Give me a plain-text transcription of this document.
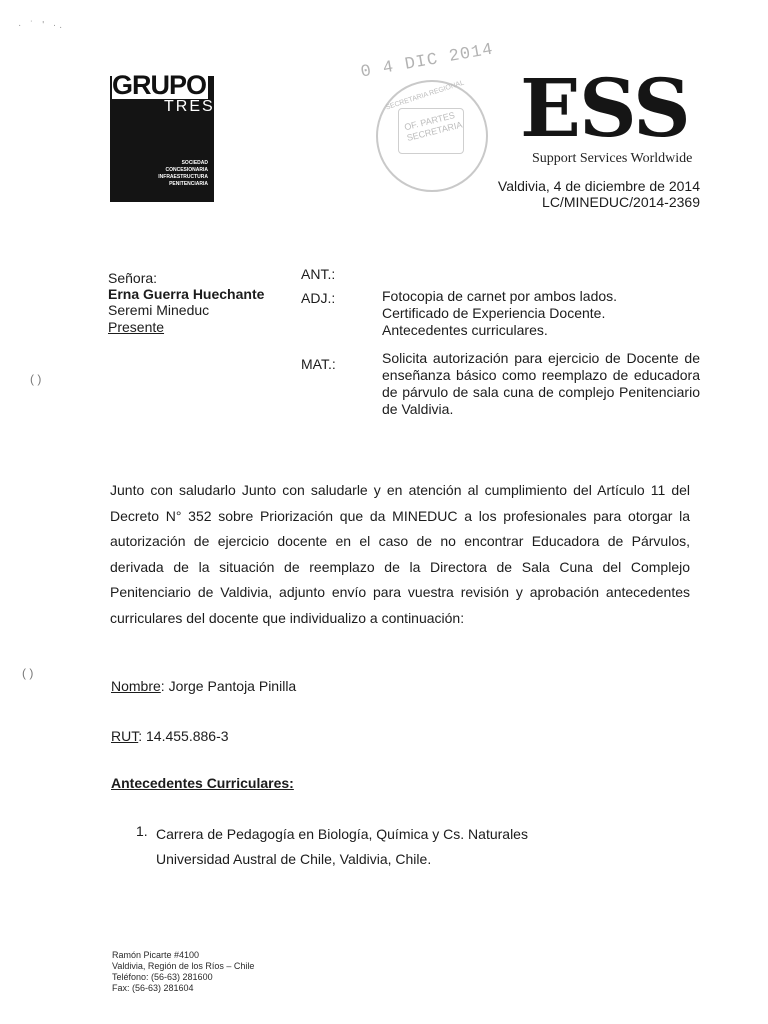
· ˙ ' ·.
( )
( )
GRUPO
TRES
SOCIEDAD
CONCESIONARIA
INFRAESTRUCTURA
PENITENCIARIA
0 4 DIC 2014
SECRETARIA REGIONAL
OF. PARTES SECRETARIA ESS
Support Services Worldwide
Valdivia, 4 de diciembre de 2014
LC/MINEDUC/2014-2369
Señora:
Erna Guerra Huechante
Seremi Mineduc
Presente
ANT.:
ADJ.:	Fotocopia de carnet por ambos lados.
Certificado de Experiencia Docente.
Antecedentes curriculares.
MAT.:	Solicita autorización para ejercicio de Docente de enseñanza básico como reemplazo de educadora de párvulo de sala cuna de complejo Penitenciario de Valdivia.
Junto con saludarlo Junto con saludarle y en atención al cumplimiento del Artículo 11 del Decreto N° 352 sobre Priorización que da MINEDUC a los profesionales para otorgar la autorización de ejercicio docente en el caso de no encontrar Educadora de Párvulos, derivada de la situación de reemplazo de la Directora de Sala Cuna del Complejo Penitenciario de Valdivia, adjunto envío para vuestra revisión y aprobación antecedentes curriculares del docente que individualizo a continuación:
Nombre: Jorge Pantoja Pinilla
RUT: 14.455.886-3
Antecedentes Curriculares:
1. Carrera de Pedagogía en Biología, Química y Cs. Naturales
Universidad Austral de Chile, Valdivia, Chile.
Ramón Picarte #4100
Valdivia, Región de los Ríos – Chile
Teléfono: (56-63) 281600
Fax: (56-63) 281604
